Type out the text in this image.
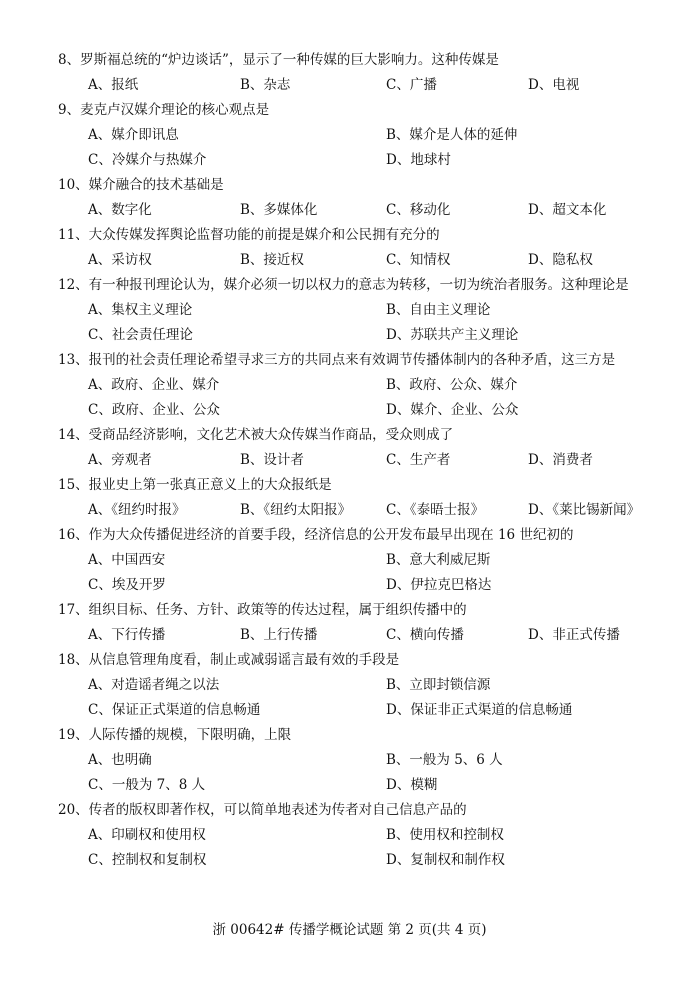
8、罗斯福总统的“炉边谈话”，显示了一种传媒的巨大影响力。这种传媒是
A、报纸	B、杂志	C、广播	D、电视
9、麦克卢汉媒介理论的核心观点是
A、媒介即讯息	B、媒介是人体的延伸
C、冷媒介与热媒介	D、地球村
10、媒介融合的技术基础是
A、数字化	B、多媒体化	C、移动化	D、超文本化
11、大众传媒发挥舆论监督功能的前提是媒介和公民拥有充分的
A、采访权	B、接近权	C、知情权	D、隐私权
12、有一种报刊理论认为，媒介必须一切以权力的意志为转移，一切为统治者服务。这种理论是
A、集权主义理论	B、自由主义理论
C、社会责任理论	D、苏联共产主义理论
13、报刊的社会责任理论希望寻求三方的共同点来有效调节传播体制内的各种矛盾，这三方是
A、政府、企业、媒介	B、政府、公众、媒介
C、政府、企业、公众	D、媒介、企业、公众
14、受商品经济影响，文化艺术被大众传媒当作商品，受众则成了
A、旁观者	B、设计者	C、生产者	D、消费者
15、报业史上第一张真正意义上的大众报纸是
A、《纽约时报》	B、《纽约太阳报》	C、《泰晤士报》	D、《莱比锡新闻》
16、作为大众传播促进经济的首要手段，经济信息的公开发布最早出现在 16 世纪初的
A、中国西安	B、意大利威尼斯
C、埃及开罗	D、伊拉克巴格达
17、组织目标、任务、方针、政策等的传达过程，属于组织传播中的
A、下行传播	B、上行传播	C、横向传播	D、非正式传播
18、从信息管理角度看，制止或减弱谣言最有效的手段是
A、对造谣者绳之以法	B、立即封锁信源
C、保证正式渠道的信息畅通	D、保证非正式渠道的信息畅通
19、人际传播的规模，下限明确，上限
A、也明确	B、一般为 5、6 人
C、一般为 7、8 人	D、模糊
20、传者的版权即著作权，可以简单地表述为传者对自己信息产品的
A、印刷权和使用权	B、使用权和控制权
C、控制权和复制权	D、复制权和制作权
浙 00642# 传播学概论试题 第 2 页(共 4 页)
